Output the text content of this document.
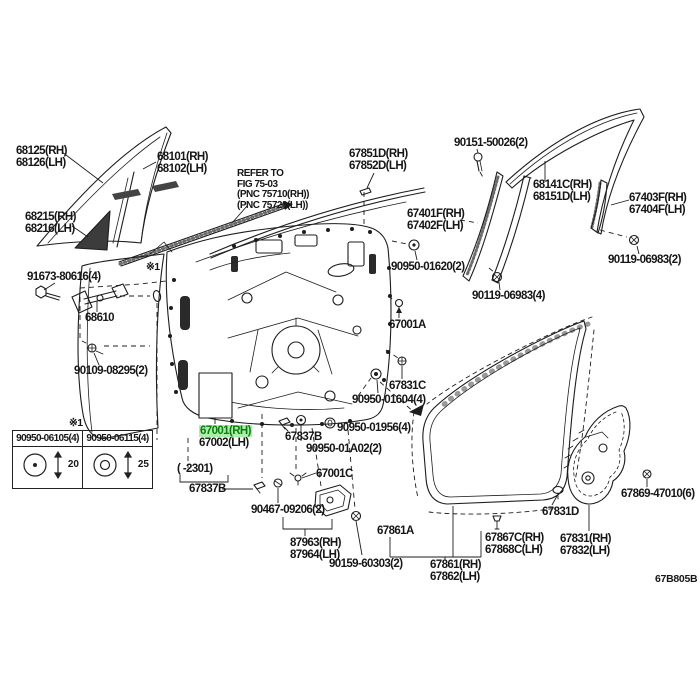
REFER TO
FIG 75-03
(PNC 75710(RH))
(PNC 75720(LH))
90950-06105(4)	90950-06115(4)

20	25
67B805B
68125(RH)
68126(LH)	68101(RH)
68102(LH)
68215(RH)
68216(LH)
91673-80616(4)
68610
90109-08295(2)
67851D(RH)
67852D(LH)
90151-50026(2)
68141C(RH)
68151D(LH)	67403F(RH)
67404F(LH)
67401F(RH)
67402F(LH)
90950-01620(2)
90119-06983(2)
90119-06983(4)
67001A
67831C
90950-01604(4)
90950-01956(4)
67837B
90950-01A02(2)
67001(RH)
67002(LH)
( -2301)
67837B
90467-09206(2)
67001C
87963(RH)
87964(LH)
90159-60303(2)
67861A
67867C(RH)
67868C(LH)
67861(RH)
67862(LH)
67831D
67831(RH)
67832(LH)
67869-47010(6)
※1
※1
